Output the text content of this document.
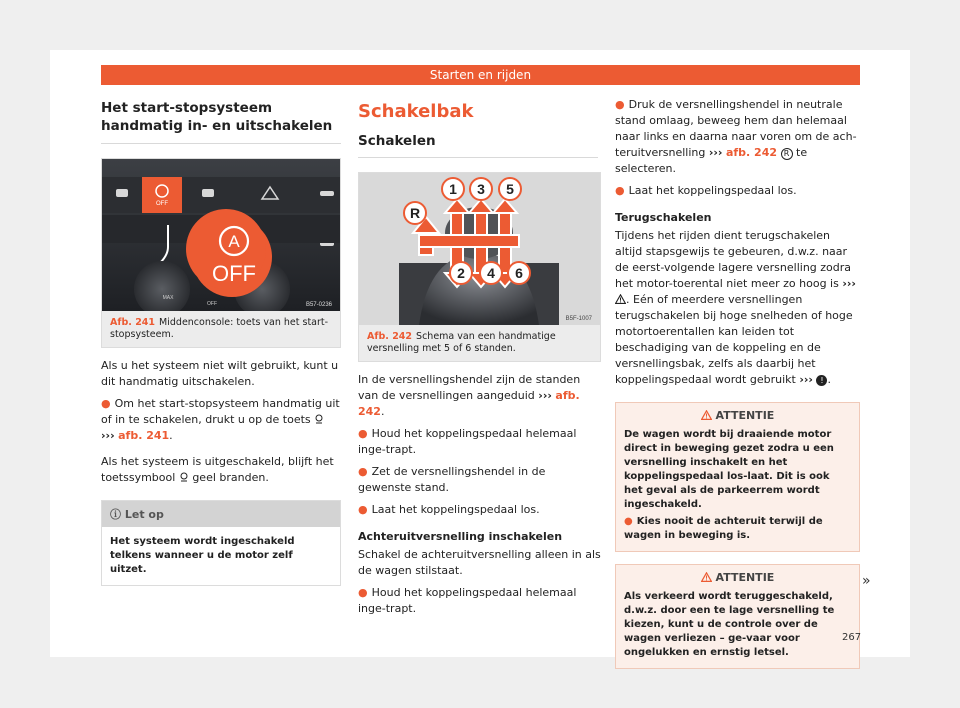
Starten en rijden
Het start-stopsysteem handmatig in- en uitschakelen
A
OFF
OFF
OFF
MAX
B57-0236
Afb. 241 Middenconsole: toets van het start-stopsysteem.

Als u het systeem niet wilt gebruikt, kunt u dit handmatig uitschakelen.

● Om het start-stopsysteem handmatig uit of in te schakelen, drukt u op de toets  ››› afb. 241.

Als het systeem is uitgeschakeld, blijft het toetssymbool geel branden.

ⓘ Let op
Het systeem wordt ingeschakeld telkens wanneer u de motor zelf uitzet.
Schakelbak
Schakelen
1 3 5
R
2 4 6
B5F-1007
Afb. 242 Schema van een handmatige versnelling met 5 of 6 standen.

In de versnellingshendel zijn de standen van de versnellingen aangeduid ››› afb. 242.

● Houd het koppelingspedaal helemaal inge-trapt.

● Zet de versnellingshendel in de gewenste stand.

● Laat het koppelingspedaal los.

Achteruitversnelling inschakelen

Schakel de achteruitversnelling alleen in als de wagen stilstaat.

● Houd het koppelingspedaal helemaal inge-trapt.

● Druk de versnellingshendel in neutrale stand omlaag, beweeg hem dan helemaal naar links en daarna naar voren om de ach-teruitversnelling ››› afb. 242 R te selecteren.

● Laat het koppelingspedaal los.

Terugschakelen

Tijdens het rijden dient terugschakelen altijd stapsgewijs te gebeuren, d.w.z. naar de eerst-volgende lagere versnelling zodra het motor-toerental niet meer zo hoog is ››› . Eén of meerdere versnellingen terugschakelen bij hoge snelheden of hoge motortoerentallen kan leiden tot beschadiging van de koppeling en de versnellingsbak, zelfs als daarbij het koppelingspedaal wordt gebruikt ››› ! .

ATTENTIE
De wagen wordt bij draaiende motor direct in beweging gezet zodra u een versnelling inschakelt en het koppelingspedaal los-laat. Dit is ook het geval als de parkeerrem wordt ingeschakeld.
● Kies nooit de achteruit terwijl de wagen in beweging is.
ATTENTIE
Als verkeerd wordt teruggeschakeld, d.w.z. door een te lage versnelling te kiezen, kunt u de controle over de wagen verliezen – ge-vaar voor ongelukken en ernstig letsel.
»
267
